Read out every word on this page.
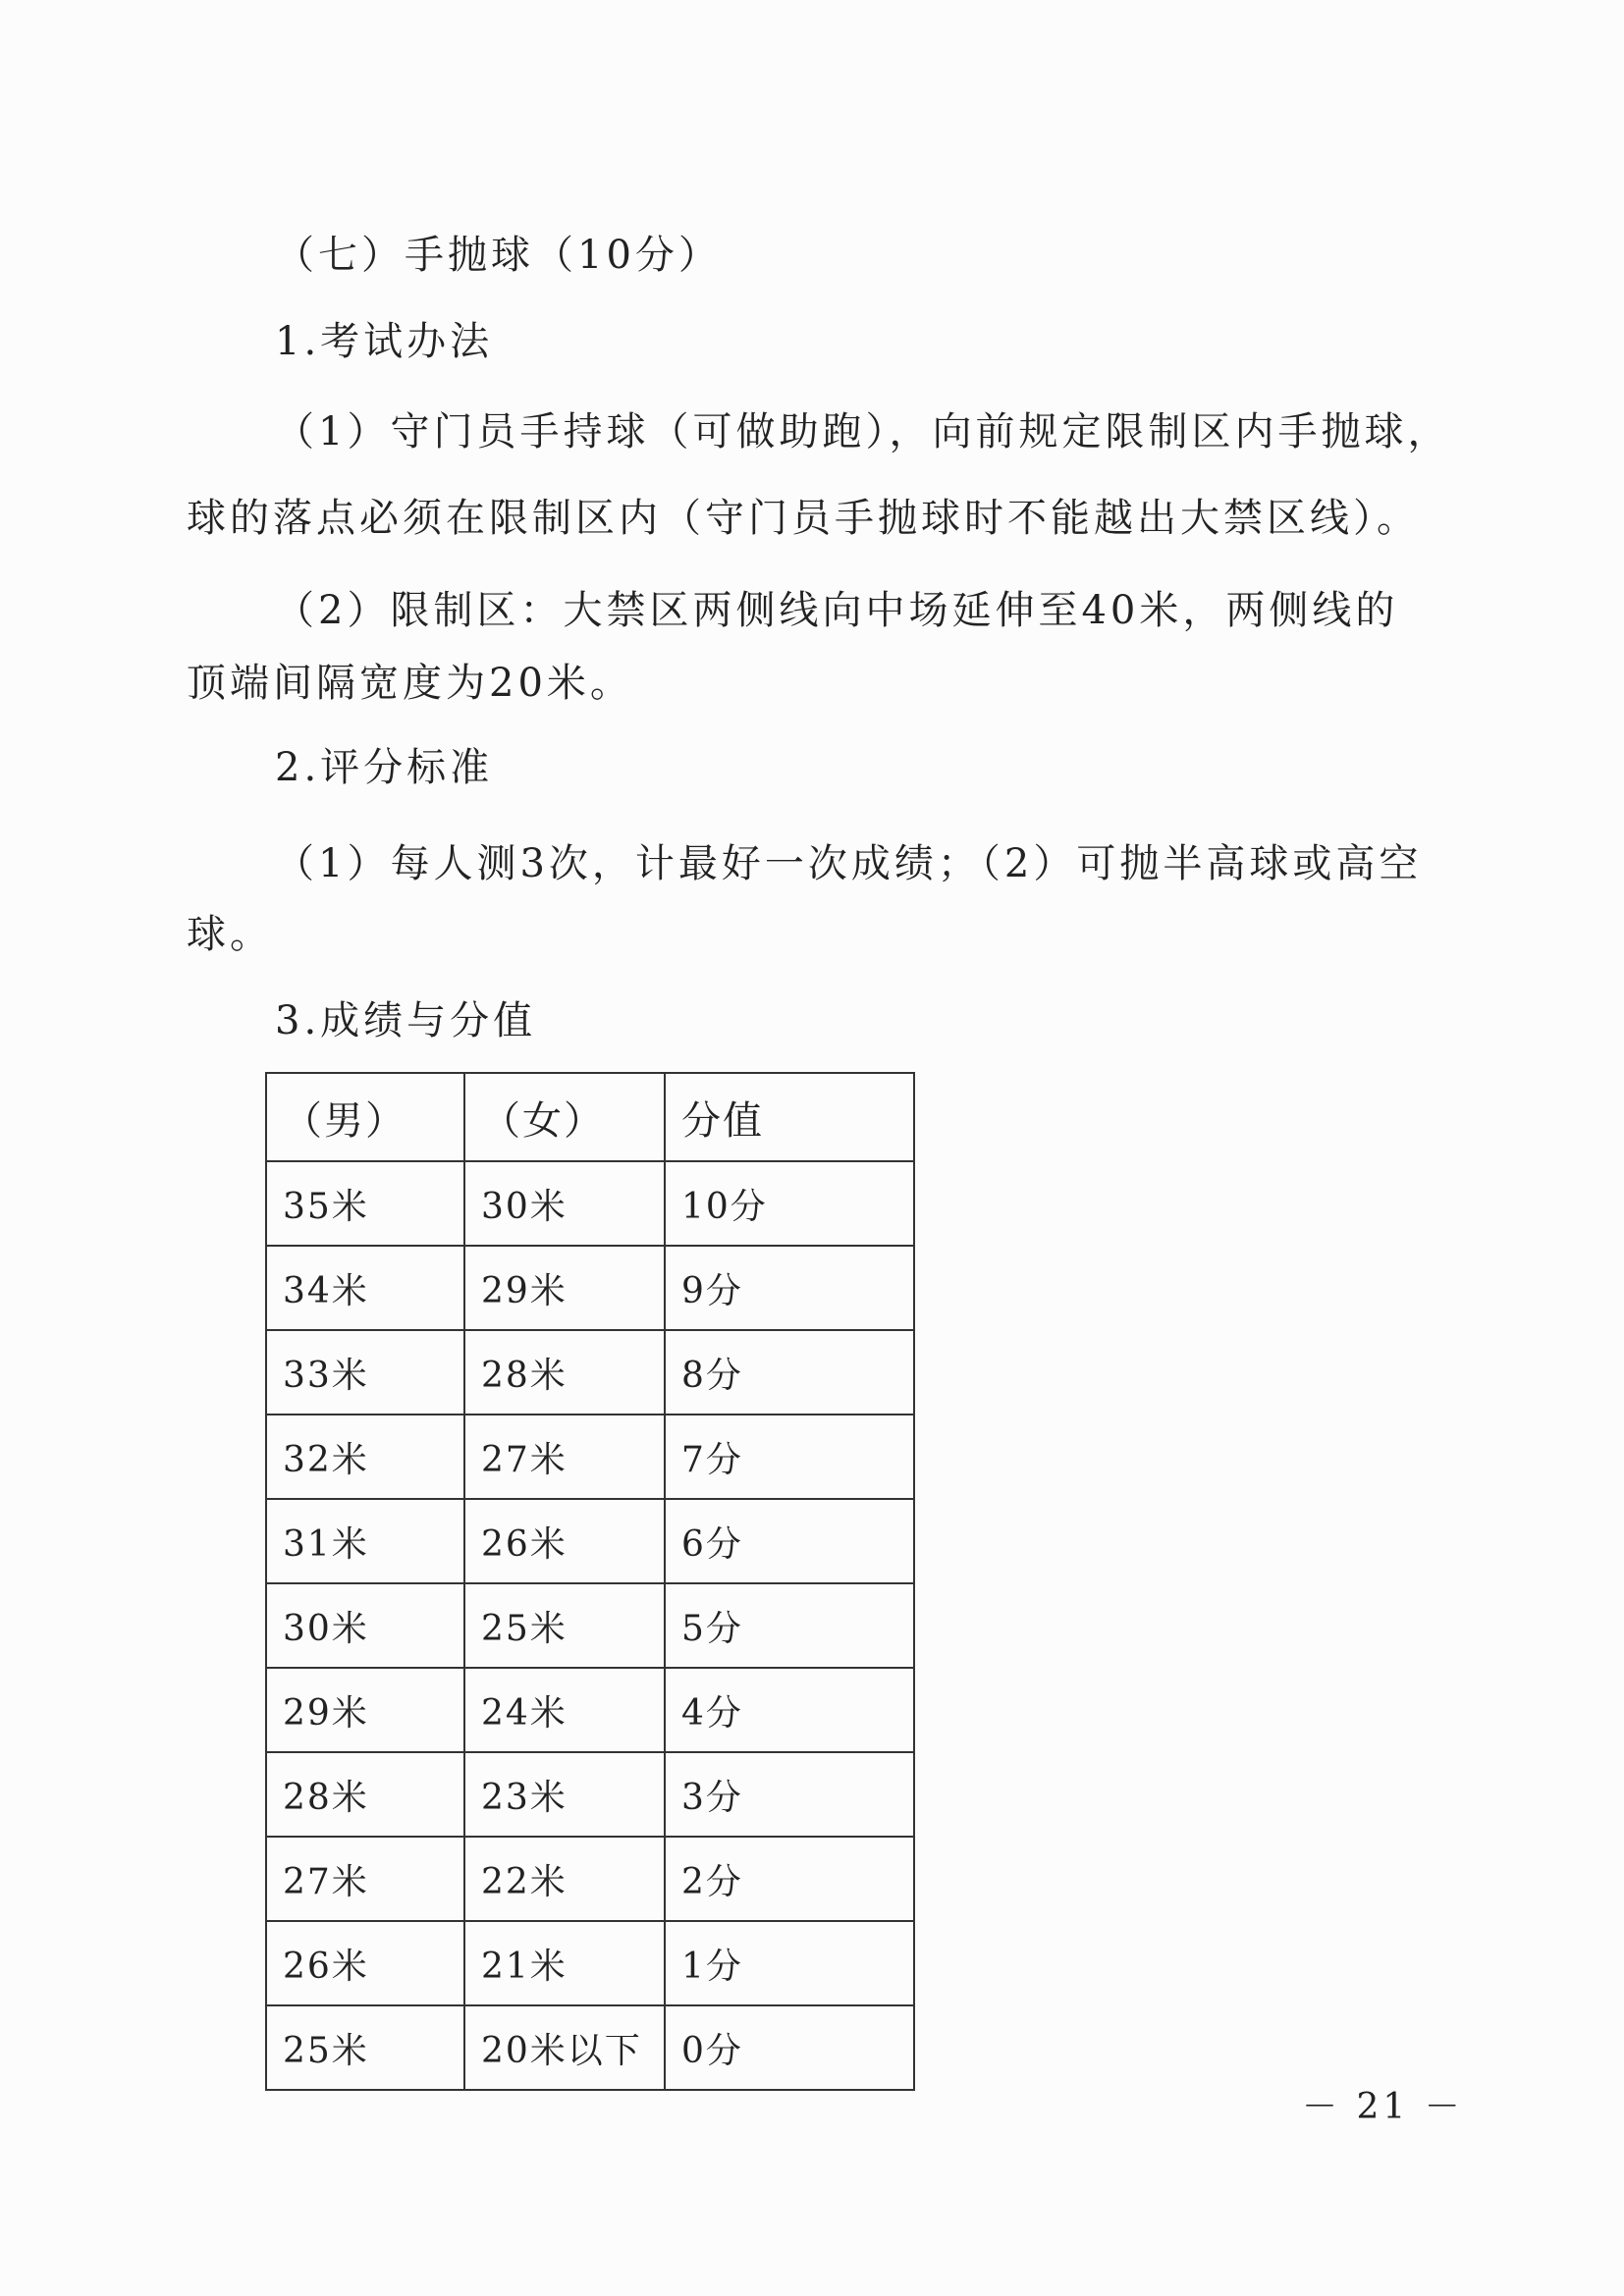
（七）手抛球（10分）
1.考试办法
（1）守门员手持球（可做助跑），向前规定限制区内手抛球，
球的落点必须在限制区内（守门员手抛球时不能越出大禁区线）。
（2）限制区：大禁区两侧线向中场延伸至40米，两侧线的
顶端间隔宽度为20米。
2.评分标准
（1）每人测3次，计最好一次成绩；（2）可抛半高球或高空
球。
3.成绩与分值
（男）	（女）	分值
35米	30米	10分
34米	29米	9分
33米	28米	8分
32米	27米	7分
31米	26米	6分
30米	25米	5分
29米	24米	4分
28米	23米	3分
27米	22米	2分
26米	21米	1分
25米	20米以下	0分
－ 21 －
